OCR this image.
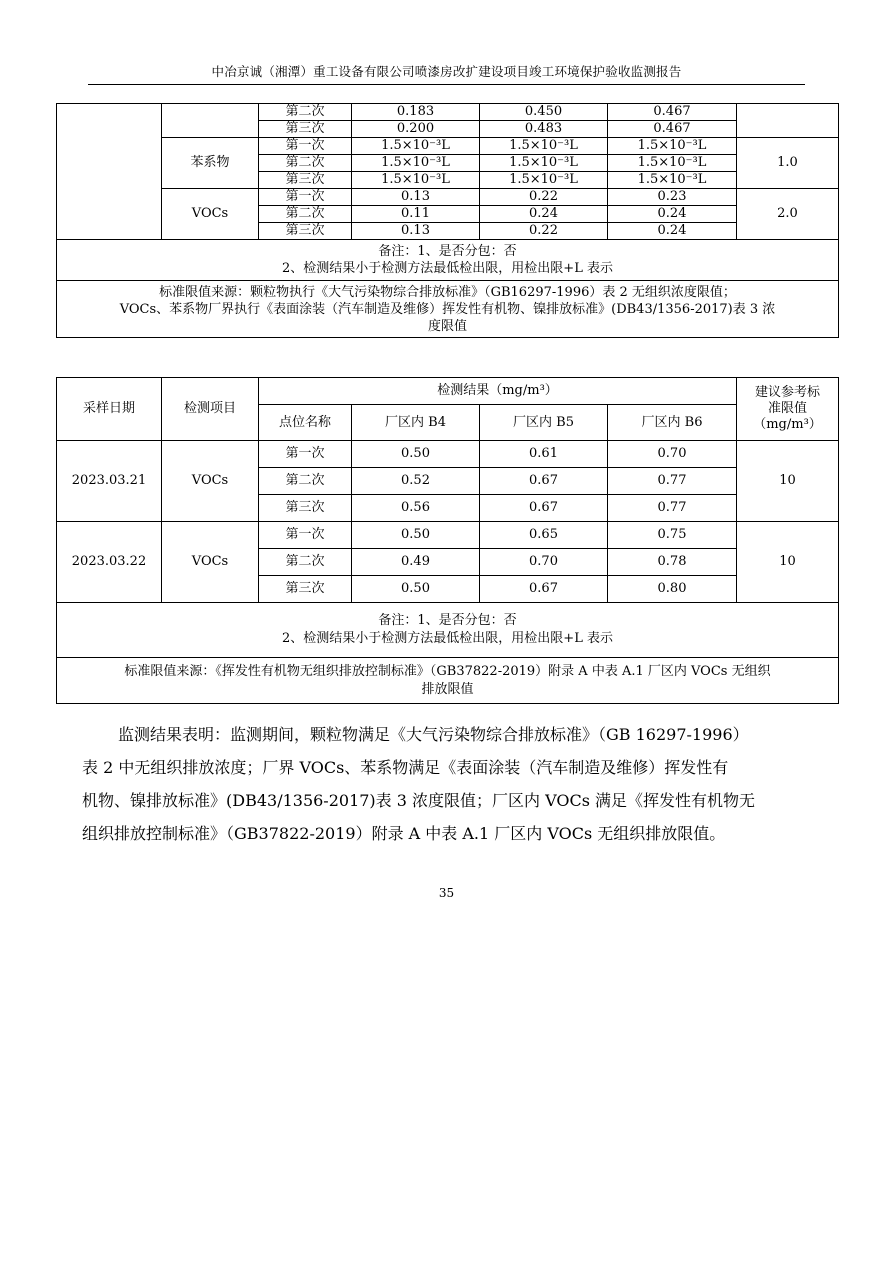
中冶京诚（湘潭）重工设备有限公司喷漆房改扩建设项目竣工环境保护验收监测报告
		第二次	0.183	0.450	0.467	
		第三次	0.200	0.483	0.467	
	苯系物	第一次	1.5×10⁻³L	1.5×10⁻³L	1.5×10⁻³L	1.0
		第二次	1.5×10⁻³L	1.5×10⁻³L	1.5×10⁻³L	
		第三次	1.5×10⁻³L	1.5×10⁻³L	1.5×10⁻³L	
	VOCs	第一次	0.13	0.22	0.23	2.0
		第二次	0.11	0.24	0.24	
		第三次	0.13	0.22	0.24	

备注：1、是否分包：否
2、检测结果小于检测方法最低检出限，用检出限+L 表示						

标准限值来源：颗粒物执行《大气污染物综合排放标准》（GB16297-1996）表 2 无组织浓度限值；
VOCs、苯系物厂界执行《表面涂装（汽车制造及维修）挥发性有机物、镍排放标准》(DB43/1356-2017)表 3 浓
度限值						
采样日期	检测项目	检测结果（mg/m³）				建议参考标
准限值
（mg/m³）

		点位名称	厂区内 B4	厂区内 B5	厂区内 B6	
2023.03.21	VOCs	第一次	0.50	0.61	0.70	10
		第二次	0.52	0.67	0.77	
		第三次	0.56	0.67	0.77	
2023.03.22	VOCs	第一次	0.50	0.65	0.75	10
		第二次	0.49	0.70	0.78	
		第三次	0.50	0.67	0.80	

备注：1、是否分包：否
2、检测结果小于检测方法最低检出限，用检出限+L 表示						

标准限值来源：《挥发性有机物无组织排放控制标准》（GB37822-2019）附录 A 中表 A.1 厂区内 VOCs 无组织
排放限值						
监测结果表明：监测期间，颗粒物满足《大气污染物综合排放标准》（GB 16297-1996）
表 2 中无组织排放浓度；厂界 VOCs、苯系物满足《表面涂装（汽车制造及维修）挥发性有
机物、镍排放标准》(DB43/1356-2017)表 3 浓度限值；厂区内 VOCs 满足《挥发性有机物无
组织排放控制标准》（GB37822-2019）附录 A 中表 A.1 厂区内 VOCs 无组织排放限值。
35
